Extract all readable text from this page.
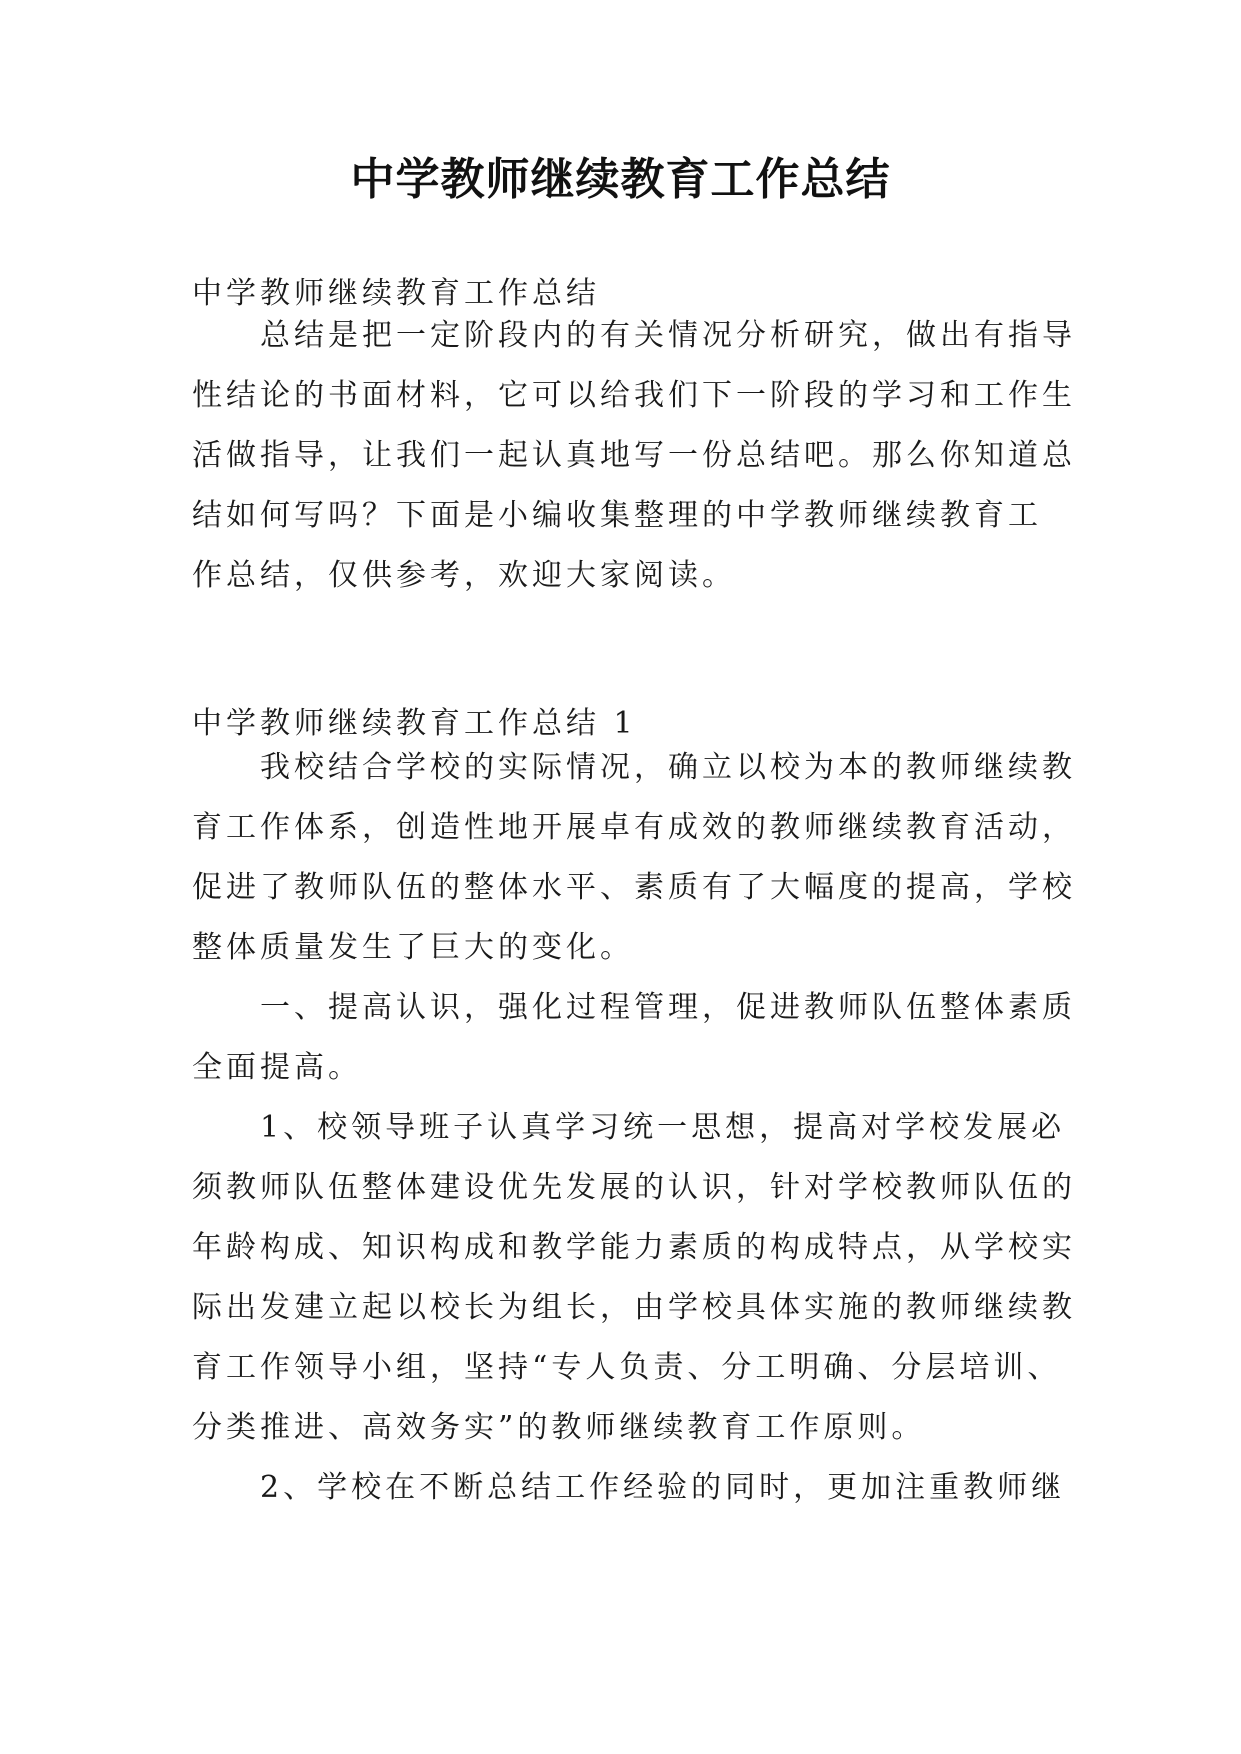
中学教师继续教育工作总结
中学教师继续教育工作总结
　　总结是把一定阶段内的有关情况分析研究，做出有指导
性结论的书面材料，它可以给我们下一阶段的学习和工作生
活做指导，让我们一起认真地写一份总结吧。那么你知道总
结如何写吗？下面是小编收集整理的中学教师继续教育工
作总结，仅供参考，欢迎大家阅读。
中学教师继续教育工作总结 1
　　我校结合学校的实际情况，确立以校为本的教师继续教
育工作体系，创造性地开展卓有成效的教师继续教育活动，
促进了教师队伍的整体水平、素质有了大幅度的提高，学校
整体质量发生了巨大的变化。
　　一、提高认识，强化过程管理，促进教师队伍整体素质
全面提高。
　　1、校领导班子认真学习统一思想，提高对学校发展必
须教师队伍整体建设优先发展的认识，针对学校教师队伍的
年龄构成、知识构成和教学能力素质的构成特点，从学校实
际出发建立起以校长为组长，由学校具体实施的教师继续教
育工作领导小组，坚持“专人负责、分工明确、分层培训、
分类推进、高效务实”的教师继续教育工作原则。
　　2、学校在不断总结工作经验的同时，更加注重教师继
